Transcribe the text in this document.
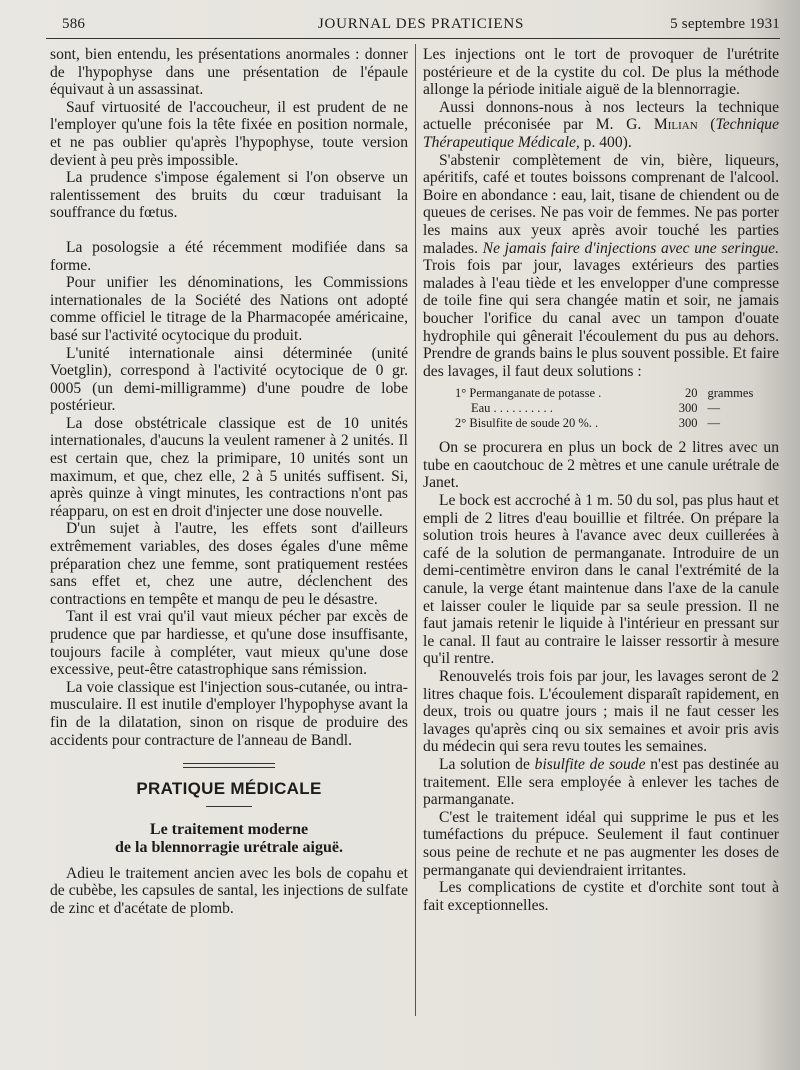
586	JOURNAL DES PRATICIENS	5 septembre 1931

sont, bien entendu, les présentations anormales : donner de l'hypophyse dans une présentation de l'épaule équivaut à un assassinat.

Sauf virtuosité de l'accoucheur, il est prudent de ne l'employer qu'une fois la tête fixée en position normale, et ne pas oublier qu'après l'hypophyse, toute version devient à peu près impossible.

La prudence s'impose également si l'on observe un ralentissement des bruits du cœur traduisant la souffrance du fœtus.

La posologsie a été récemment modifiée dans sa forme.

Pour unifier les dénominations, les Commissions internationales de la Société des Nations ont adopté comme officiel le titrage de la Pharmacopée américaine, basé sur l'activité ocytocique du produit.

L'unité internationale ainsi déterminée (unité Voetglin), correspond à l'activité ocytocique de 0 gr. 0005 (un demi-milligramme) d'une poudre de lobe postérieur.

La dose obstétricale classique est de 10 unités internationales, d'aucuns la veulent ramener à 2 unités. Il est certain que, chez la primipare, 10 unités sont un maximum, et que, chez elle, 2 à 5 unités suffisent. Si, après quinze à vingt minutes, les contractions n'ont pas réapparu, on est en droit d'injecter une dose nouvelle.

D'un sujet à l'autre, les effets sont d'ailleurs extrêmement variables, des doses égales d'une même préparation chez une femme, sont pratiquement restées sans effet et, chez une autre, déclenchent des contractions en tempête et manqu de peu le désastre.

Tant il est vrai qu'il vaut mieux pécher par excès de prudence que par hardiesse, et qu'une dose insuffisante, toujours facile à compléter, vaut mieux qu'une dose excessive, peut-être catastrophique sans rémission.

La voie classique est l'injection sous-cutanée, ou intra-musculaire. Il est inutile d'employer l'hypophyse avant la fin de la dilatation, sinon on risque de produire des accidents pour contracture de l'anneau de Bandl.

PRATIQUE MÉDICALE
Le traitement moderne
de la blennorragie urétrale aiguë.

Adieu le traitement ancien avec les bols de copahu et de cubèbe, les capsules de santal, les injections de sulfate de zinc et d'acétate de plomb.

Les injections ont le tort de provoquer de l'urétrite postérieure et de la cystite du col. De plus la méthode allonge la période initiale aiguë de la blennorragie.

Aussi donnons-nous à nos lecteurs la technique actuelle préconisée par M. G. Milian (Technique Thérapeutique Médicale, p. 400).

S'abstenir complètement de vin, bière, liqueurs, apéritifs, café et toutes boissons comprenant de l'alcool. Boire en abondance : eau, lait, tisane de chiendent ou de queues de cerises. Ne pas voir de femmes. Ne pas porter les mains aux yeux après avoir touché les parties malades. Ne jamais faire d'injections avec une seringue. Trois fois par jour, lavages extérieurs des parties malades à l'eau tiède et les envelopper d'une compresse de toile fine qui sera changée matin et soir, ne jamais boucher l'orifice du canal avec un tampon d'ouate hydrophile qui gênerait l'écoulement du pus au dehors. Prendre de grands bains le plus souvent possible. Et faire des lavages, il faut deux solutions :

1° Permanganate de potasse .	20	grammes
Eau . . . . . . . . . .	300	—
2° Bisulfite de soude 20 %. .	300	—

On se procurera en plus un bock de 2 litres avec un tube en caoutchouc de 2 mètres et une canule urétrale de Janet.

Le bock est accroché à 1 m. 50 du sol, pas plus haut et empli de 2 litres d'eau bouillie et filtrée. On prépare la solution trois heures à l'avance avec deux cuillerées à café de la solution de permanganate. Introduire de un demi-centimètre environ dans le canal l'extrémité de la canule, la verge étant maintenue dans l'axe de la canule et laisser couler le liquide par sa seule pression. Il ne faut jamais retenir le liquide à l'intérieur en pressant sur le canal. Il faut au contraire le laisser ressortir à mesure qu'il rentre.

Renouvelés trois fois par jour, les lavages seront de 2 litres chaque fois. L'écoulement disparaît rapidement, en deux, trois ou quatre jours ; mais il ne faut cesser les lavages qu'après cinq ou six semaines et avoir pris avis du médecin qui sera revu toutes les semaines.

La solution de bisulfite de soude n'est pas destinée au traitement. Elle sera employée à enlever les taches de parmanganate.

C'est le traitement idéal qui supprime le pus et les tuméfactions du prépuce. Seulement il faut continuer sous peine de rechute et ne pas augmenter les doses de permanganate qui deviendraient irritantes.

Les complications de cystite et d'orchite sont tout à fait exceptionnelles.
